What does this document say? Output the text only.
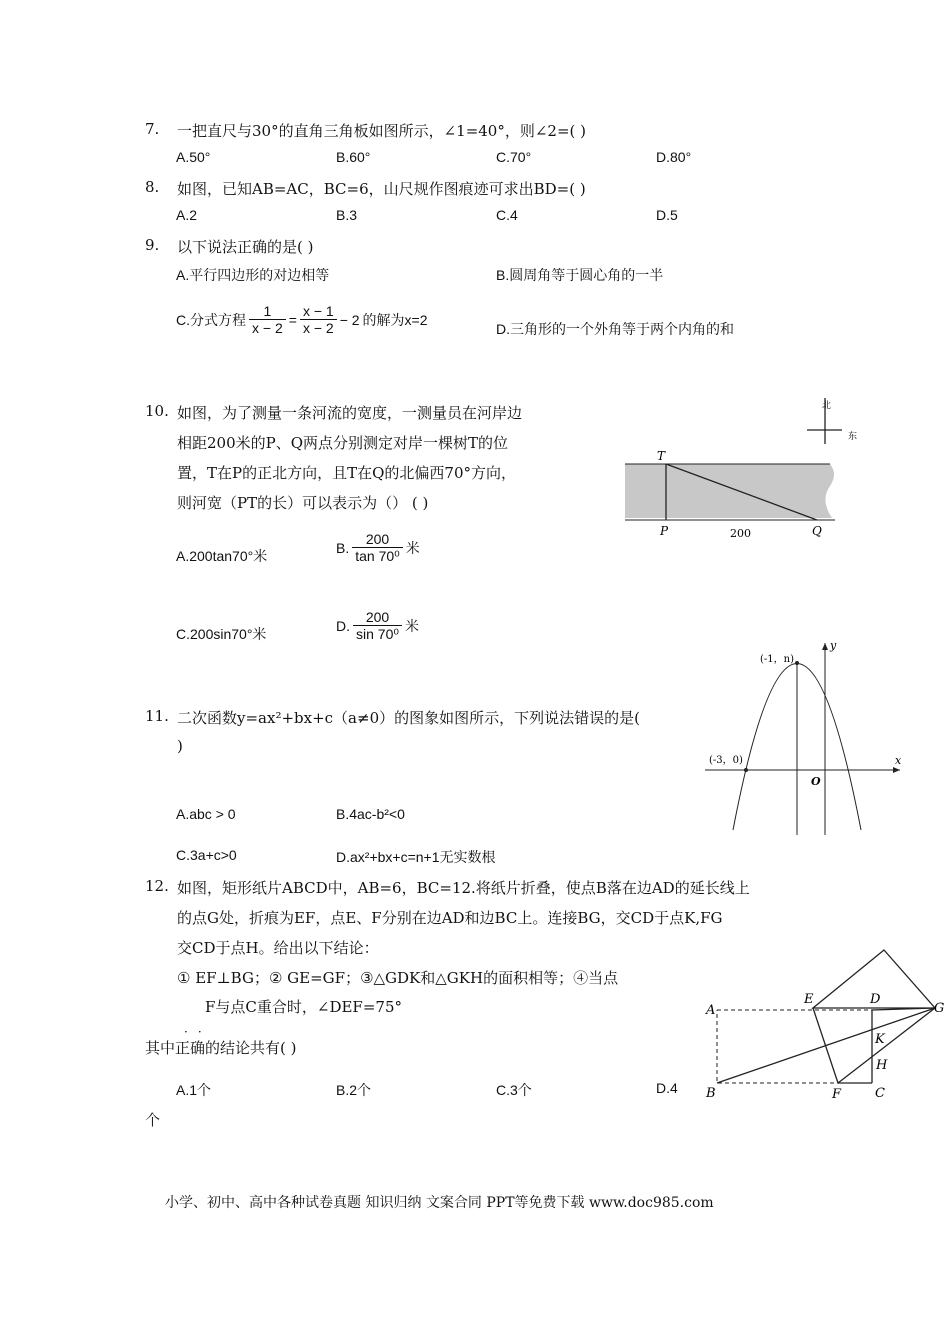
7. 一把直尺与30°的直角三角板如图所示，∠1=40°，则∠2=( )
A.50°	B.60°	C.70°	D.80°
8. 如图，已知AB=AC，BC=6，山尺规作图痕迹可求出BD=( )
A.2	B.3	C.4	D.5
9. 以下说法正确的是( )
A.平行四边形的对边相等	B.圆周角等于圆心角的一半
C.分式方程 $\frac{1}{x - 2} = \frac{x - 1}{x - 2} - 2$ 的解为x=2
D.三角形的一个外角等于两个内角的和
10. 如图，为了测量一条河流的宽度，一测量员在河岸边
相距200米的P、Q两点分别测定对岸一棵树T的位
置，T在P的正北方向，且T在Q的北偏西70°方向，
则河宽（PT的长）可以表示为（） ( )
北
东
T
P	Q
200
A.200tan70°米
B. $\frac{200}{\text{tan 70⁰}}$ 米
C.200sin70°米
D. $\frac{200}{\text{sin 70⁰}}$ 米
11. 二次函数y=ax²+bx+c（a≠0）的图象如图所示，下列说法错误的是(
)
(-1，n)
(-3，0)	x
y
O
A.abc > 0	B.4ac-b²<0
C.3a+c>0	D.ax²+bx+c=n+1无实数根
12. 如图，矩形纸片ABCD中，AB=6，BC=12.将纸片折叠，使点B落在边AD的延长线上
的点G处，折痕为EF，点E、F分别在边AD和边BC上。连接BG，交CD于点K,FG
交CD于点H。给出以下结论：
① EF⊥BG；② GE=GF；③△GDK和△GKH的面积相等；④当点
F与点C重合时，∠DEF=75°
其中正确的结论共有( )
··
A
B	C
D
E
F
G
H
K
A.1个	B.2个	C.3个	D.4
个
小学、初中、高中各种试卷真题 知识归纳 文案合同 PPT等免费下载 www.doc985.com
